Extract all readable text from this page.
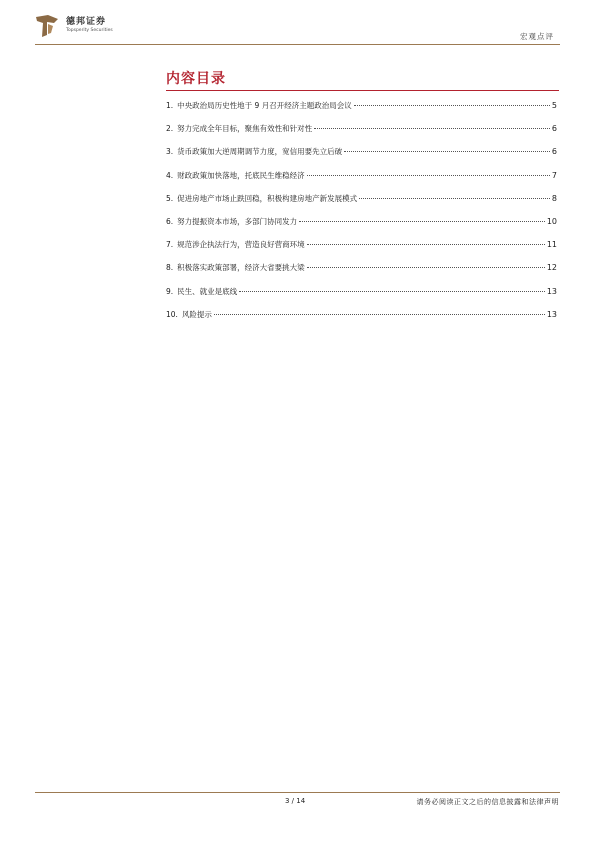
德邦证券
Topsperity Securities
宏观点评
内容目录
1. 中央政治局历史性地于 9 月召开经济主题政治局会议	5
2. 努力完成全年目标，聚焦有效性和针对性	6
3. 货币政策加大逆周期调节力度，宽信用要先立后破	6
4. 财政政策加快落地，托底民生维稳经济	7
5. 促进房地产市场止跌回稳，积极构建房地产新发展模式	8
6. 努力提振资本市场，多部门协同发力	10
7. 规范涉企执法行为，营造良好营商环境	11
8. 积极落实政策部署，经济大省要挑大梁	12
9. 民生、就业是底线	13
10. 风险提示	13
3 / 14	请务必阅读正文之后的信息披露和法律声明
